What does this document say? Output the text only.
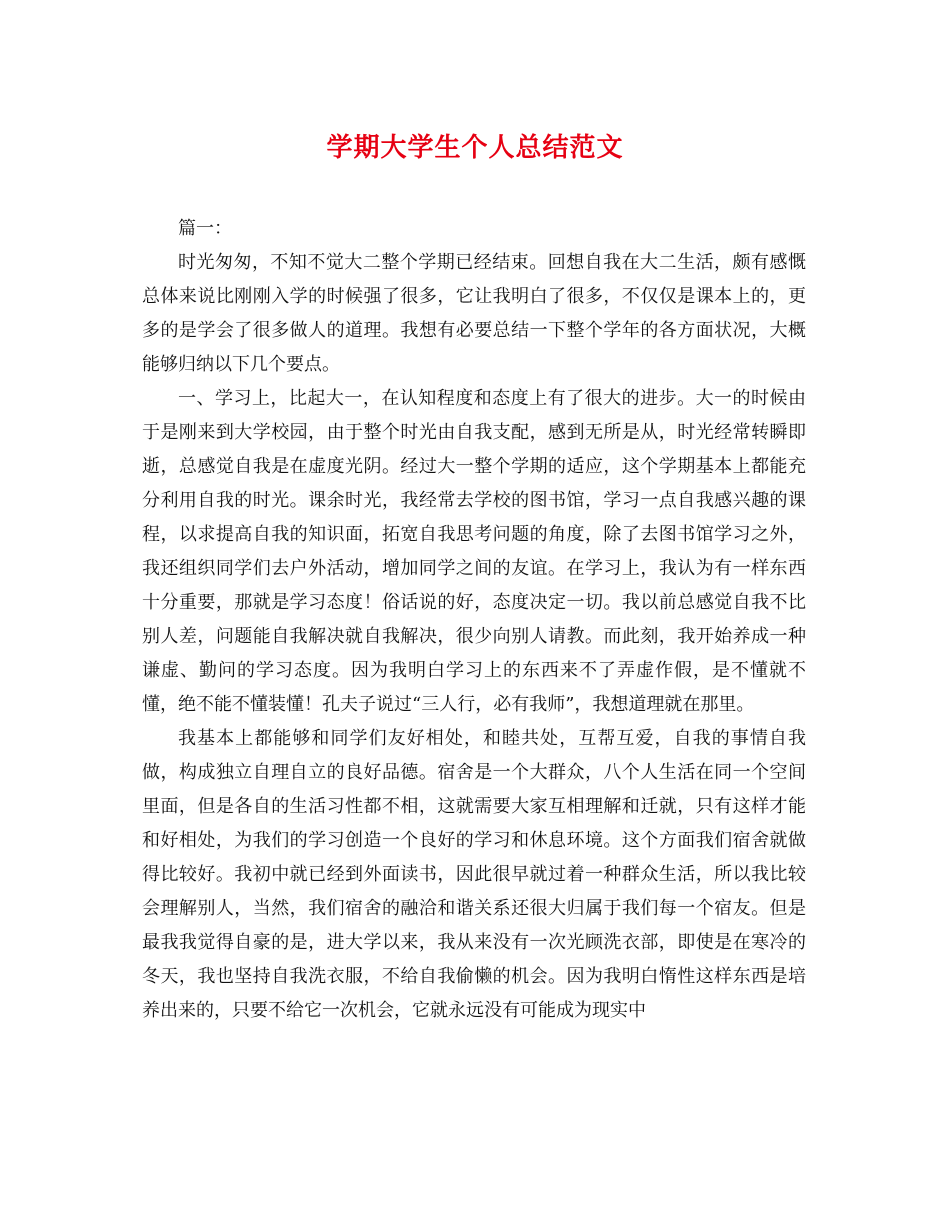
学期大学生个人总结范文

篇一：

时光匆匆，不知不觉大二整个学期已经结束。回想自我在大二生活，颇有感慨总体来说比刚刚入学的时候强了很多，它让我明白了很多，不仅仅是课本上的，更多的是学会了很多做人的道理。我想有必要总结一下整个学年的各方面状况，大概能够归纳以下几个要点。

一、学习上，比起大一，在认知程度和态度上有了很大的进步。大一的时候由于是刚来到大学校园，由于整个时光由自我支配，感到无所是从，时光经常转瞬即逝，总感觉自我是在虚度光阴。经过大一整个学期的适应，这个学期基本上都能充分利用自我的时光。课余时光，我经常去学校的图书馆，学习一点自我感兴趣的课程，以求提高自我的知识面，拓宽自我思考问题的角度，除了去图书馆学习之外，我还组织同学们去户外活动，增加同学之间的友谊。在学习上，我认为有一样东西十分重要，那就是学习态度！俗话说的好，态度决定一切。我以前总感觉自我不比别人差，问题能自我解决就自我解决，很少向别人请教。而此刻，我开始养成一种谦虚、勤问的学习态度。因为我明白学习上的东西来不了弄虚作假，是不懂就不懂，绝不能不懂装懂！孔夫子说过“三人行，必有我师”，我想道理就在那里。

我基本上都能够和同学们友好相处，和睦共处，互帮互爱，自我的事情自我做，构成独立自理自立的良好品德。宿舍是一个大群众，八个人生活在同一个空间里面，但是各自的生活习性都不相，这就需要大家互相理解和迁就，只有这样才能和好相处，为我们的学习创造一个良好的学习和休息环境。这个方面我们宿舍就做得比较好。我初中就已经到外面读书，因此很早就过着一种群众生活，所以我比较会理解别人，当然，我们宿舍的融洽和谐关系还很大归属于我们每一个宿友。但是最我我觉得自豪的是，进大学以来，我从来没有一次光顾洗衣部，即使是在寒冷的冬天，我也坚持自我洗衣服，不给自我偷懒的机会。因为我明白惰性这样东西是培养出来的，只要不给它一次机会，它就永远没有可能成为现实中
